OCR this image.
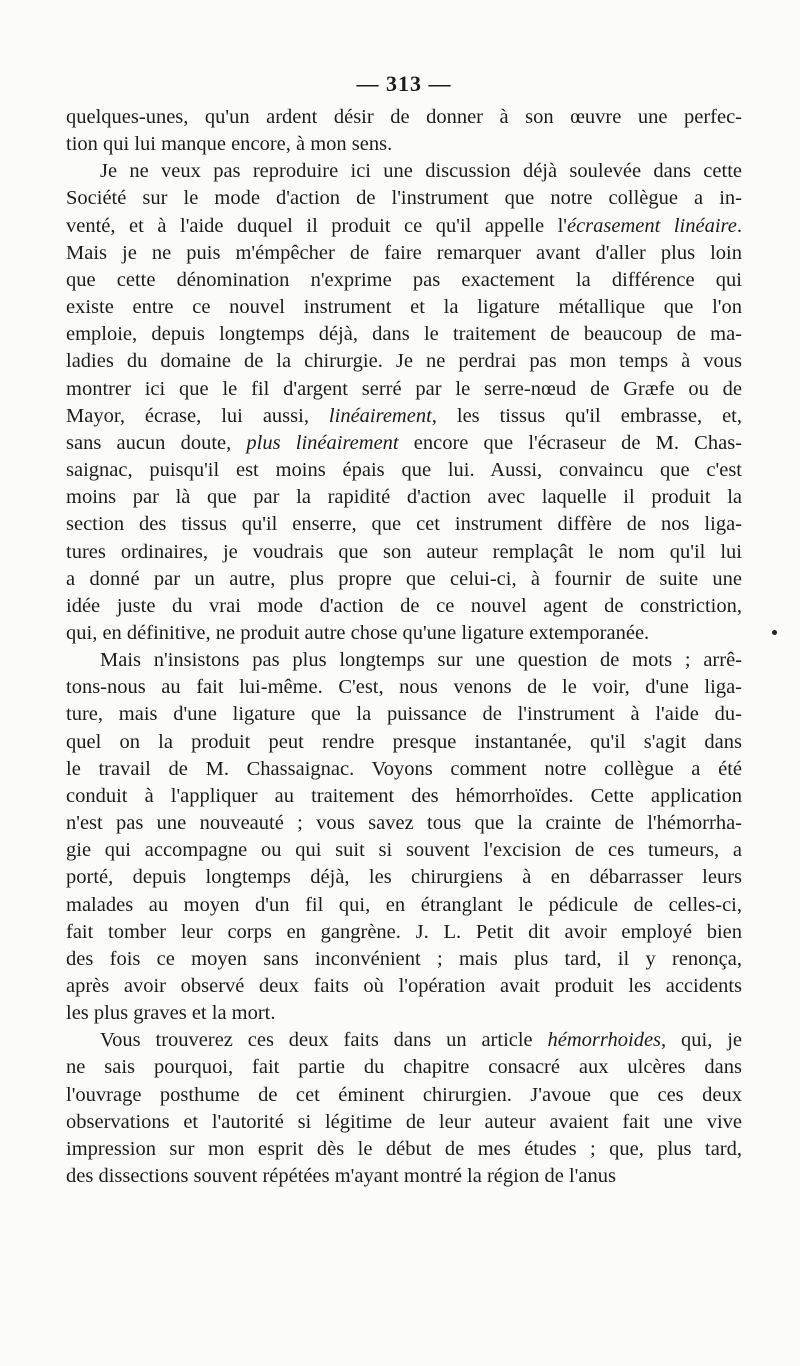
— 313 —

quelques-unes, qu'un ardent désir de donner à son œuvre une perfec-
tion qui lui manque encore, à mon sens.

Je ne veux pas reproduire ici une discussion déjà soulevée dans cette
Société sur le mode d'action de l'instrument que notre collègue a in-
venté, et à l'aide duquel il produit ce qu'il appelle l'écrasement linéaire.
Mais je ne puis m'émpêcher de faire remarquer avant d'aller plus loin
que cette dénomination n'exprime pas exactement la différence qui
existe entre ce nouvel instrument et la ligature métallique que l'on
emploie, depuis longtemps déjà, dans le traitement de beaucoup de ma-
ladies du domaine de la chirurgie. Je ne perdrai pas mon temps à vous
montrer ici que le fil d'argent serré par le serre-nœud de Græfe ou de
Mayor, écrase, lui aussi, linéairement, les tissus qu'il embrasse, et,
sans aucun doute, plus linéairement encore que l'écraseur de M. Chas-
saignac, puisqu'il est moins épais que lui. Aussi, convaincu que c'est
moins par là que par la rapidité d'action avec laquelle il produit la
section des tissus qu'il enserre, que cet instrument diffère de nos liga-
tures ordinaires, je voudrais que son auteur remplaçât le nom qu'il lui
a donné par un autre, plus propre que celui-ci, à fournir de suite une
idée juste du vrai mode d'action de ce nouvel agent de constriction,
qui, en définitive, ne produit autre chose qu'une ligature extemporanée.

Mais n'insistons pas plus longtemps sur une question de mots ; arrê-
tons-nous au fait lui-même. C'est, nous venons de le voir, d'une liga-
ture, mais d'une ligature que la puissance de l'instrument à l'aide du-
quel on la produit peut rendre presque instantanée, qu'il s'agit dans
le travail de M. Chassaignac. Voyons comment notre collègue a été
conduit à l'appliquer au traitement des hémorrhoïdes. Cette application
n'est pas une nouveauté ; vous savez tous que la crainte de l'hémorrha-
gie qui accompagne ou qui suit si souvent l'excision de ces tumeurs, a
porté, depuis longtemps déjà, les chirurgiens à en débarrasser leurs
malades au moyen d'un fil qui, en étranglant le pédicule de celles-ci,
fait tomber leur corps en gangrène. J. L. Petit dit avoir employé bien
des fois ce moyen sans inconvénient ; mais plus tard, il y renonça,
après avoir observé deux faits où l'opération avait produit les accidents
les plus graves et la mort.

Vous trouverez ces deux faits dans un article hémorrhoides, qui, je
ne sais pourquoi, fait partie du chapitre consacré aux ulcères dans
l'ouvrage posthume de cet éminent chirurgien. J'avoue que ces deux
observations et l'autorité si légitime de leur auteur avaient fait une vive
impression sur mon esprit dès le début de mes études ; que, plus tard,
des dissections souvent répétées m'ayant montré la région de l'anus
